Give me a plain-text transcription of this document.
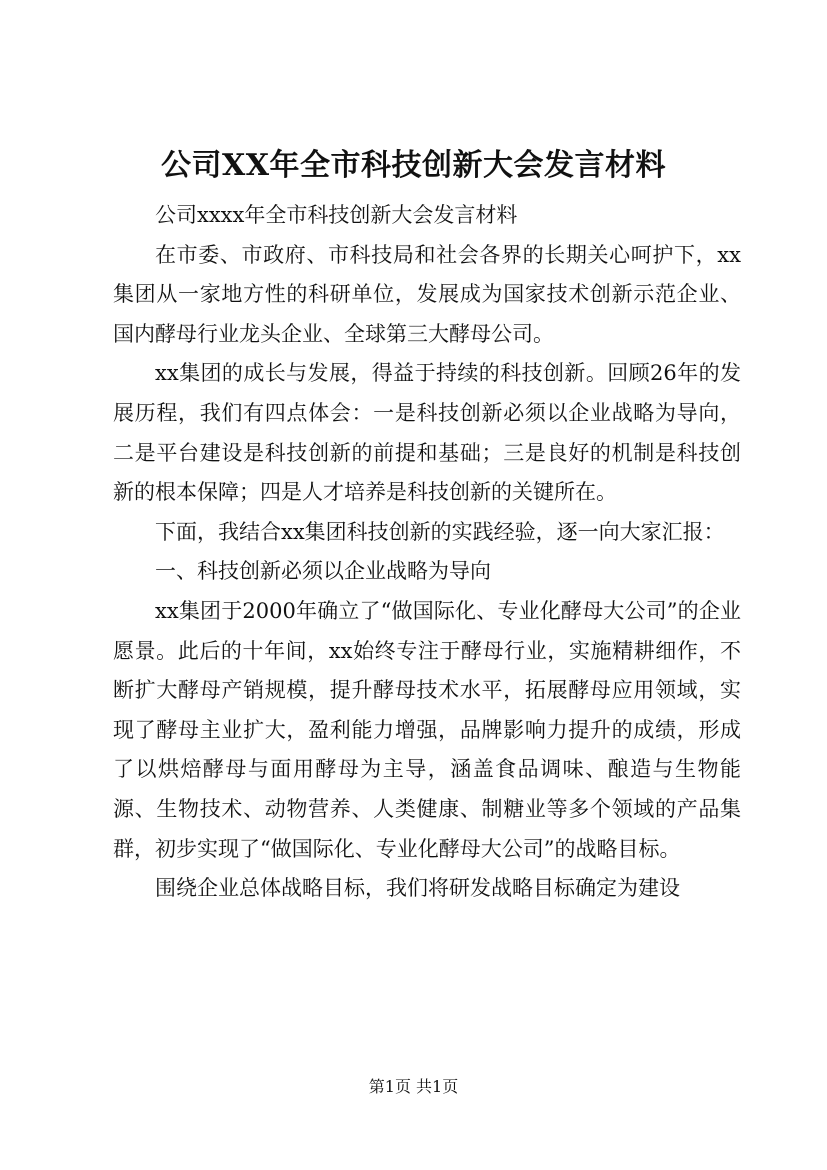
公司XX年全市科技创新大会发言材料

公司xxxx年全市科技创新大会发言材料

在市委、市政府、市科技局和社会各界的长期关心呵护下，xx集团从一家地方性的科研单位，发展成为国家技术创新示范企业、国内酵母行业龙头企业、全球第三大酵母公司。

xx集团的成长与发展，得益于持续的科技创新。回顾26年的发展历程，我们有四点体会：一是科技创新必须以企业战略为导向，二是平台建设是科技创新的前提和基础；三是良好的机制是科技创新的根本保障；四是人才培养是科技创新的关键所在。

下面，我结合xx集团科技创新的实践经验，逐一向大家汇报：

一、科技创新必须以企业战略为导向

xx集团于2000年确立了“做国际化、专业化酵母大公司”的企业愿景。此后的十年间，xx始终专注于酵母行业，实施精耕细作，不断扩大酵母产销规模，提升酵母技术水平，拓展酵母应用领域，实现了酵母主业扩大，盈利能力增强，品牌影响力提升的成绩，形成了以烘焙酵母与面用酵母为主导，涵盖食品调味、酿造与生物能源、生物技术、动物营养、人类健康、制糖业等多个领域的产品集群，初步实现了“做国际化、专业化酵母大公司”的战略目标。

围绕企业总体战略目标，我们将研发战略目标确定为建设

第1页 共1页
